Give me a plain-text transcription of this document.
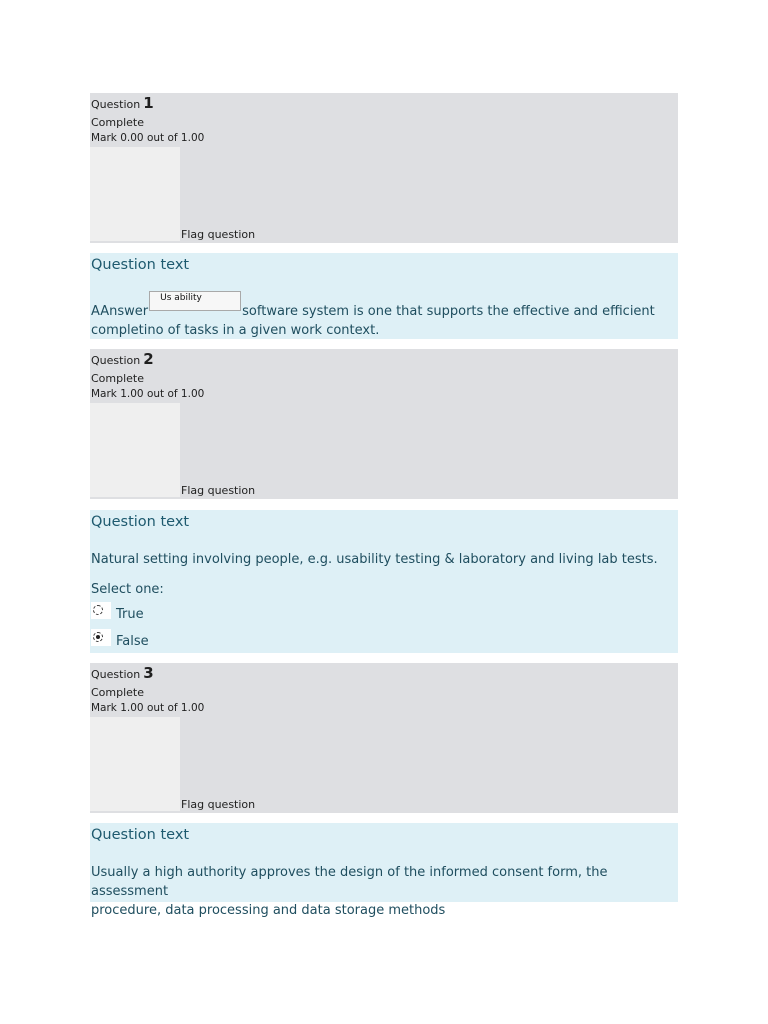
Question 1
Complete
Mark 0.00 out of 1.00
Flag question
Question text
AAnswer
Us ability
software system is one that supports the effective and efficient
completino of tasks in a given work context.
Question 2
Complete
Mark 1.00 out of 1.00
Flag question
Question text
Natural setting involving people, e.g. usability testing & laboratory and living lab tests.
Select one:
True
False
Question 3
Complete
Mark 1.00 out of 1.00
Flag question
Question text
Usually a high authority approves the design of the informed consent form, the assessment
procedure, data processing and data storage methods
